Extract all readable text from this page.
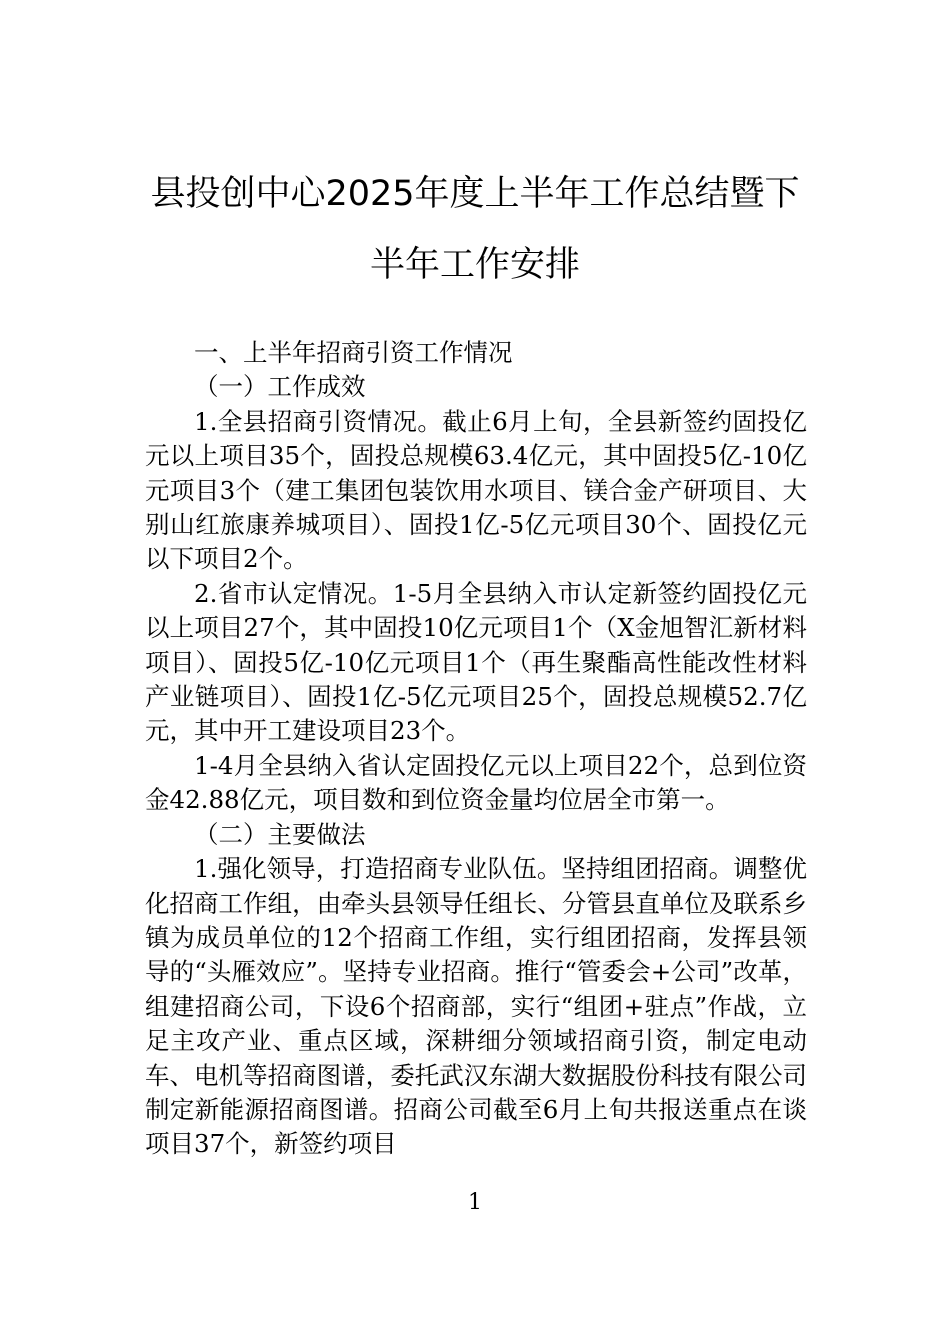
县投创中心2025年度上半年工作总结暨下
半年工作安排

一、上半年招商引资工作情况

（一）工作成效

1.全县招商引资情况。截止6月上旬，全县新签约固投亿元以上项目35个，固投总规模63.4亿元，其中固投5亿-10亿元项目3个（建工集团包装饮用水项目、镁合金产研项目、大别山红旅康养城项目）、固投1亿-5亿元项目30个、固投亿元以下项目2个。

2.省市认定情况。1-5月全县纳入市认定新签约固投亿元以上项目27个，其中固投10亿元项目1个（X金旭智汇新材料项目）、固投5亿-10亿元项目1个（再生聚酯高性能改性材料产业链项目）、固投1亿-5亿元项目25个，固投总规模52.7亿元，其中开工建设项目23个。

1-4月全县纳入省认定固投亿元以上项目22个，总到位资金42.88亿元，项目数和到位资金量均位居全市第一。

（二）主要做法

1.强化领导，打造招商专业队伍。坚持组团招商。调整优化招商工作组，由牵头县领导任组长、分管县直单位及联系乡镇为成员单位的12个招商工作组，实行组团招商，发挥县领导的“头雁效应”。坚持专业招商。推行“管委会+公司”改革，组建招商公司，下设6个招商部，实行“组团+驻点”作战，立足主攻产业、重点区域，深耕细分领域招商引资，制定电动车、电机等招商图谱，委托武汉东湖大数据股份科技有限公司制定新能源招商图谱。招商公司截至6月上旬共报送重点在谈项目37个，新签约项目

1
